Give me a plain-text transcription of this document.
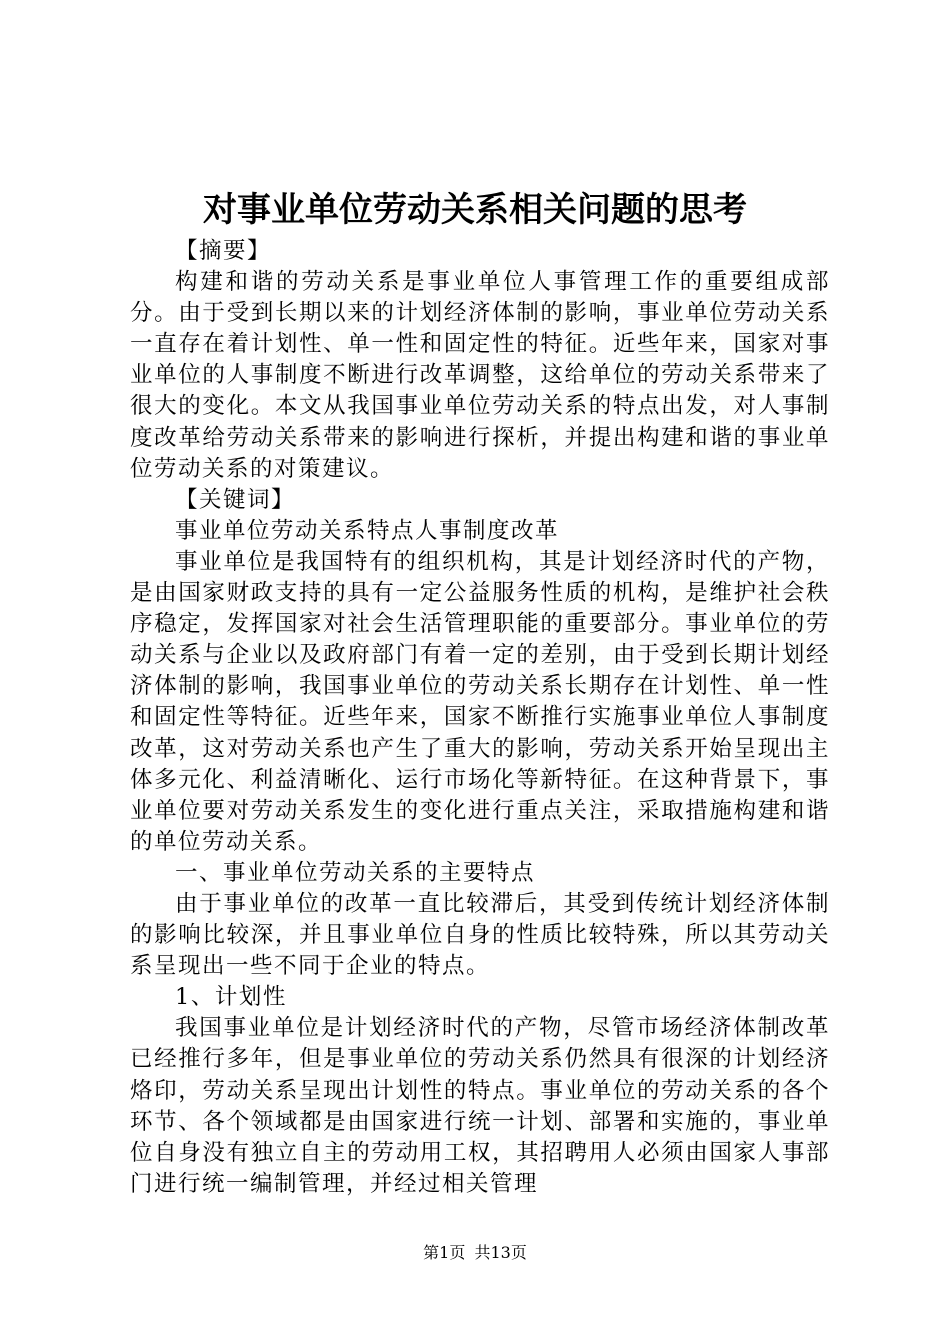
对事业单位劳动关系相关问题的思考

【摘要】

构建和谐的劳动关系是事业单位人事管理工作的重要组成部分。由于受到长期以来的计划经济体制的影响，事业单位劳动关系一直存在着计划性、单一性和固定性的特征。近些年来，国家对事业单位的人事制度不断进行改革调整，这给单位的劳动关系带来了很大的变化。本文从我国事业单位劳动关系的特点出发，对人事制度改革给劳动关系带来的影响进行探析，并提出构建和谐的事业单位劳动关系的对策建议。

【关键词】

事业单位劳动关系特点人事制度改革

事业单位是我国特有的组织机构，其是计划经济时代的产物，是由国家财政支持的具有一定公益服务性质的机构，是维护社会秩序稳定，发挥国家对社会生活管理职能的重要部分。事业单位的劳动关系与企业以及政府部门有着一定的差别，由于受到长期计划经济体制的影响，我国事业单位的劳动关系长期存在计划性、单一性和固定性等特征。近些年来，国家不断推行实施事业单位人事制度改革，这对劳动关系也产生了重大的影响，劳动关系开始呈现出主体多元化、利益清晰化、运行市场化等新特征。在这种背景下，事业单位要对劳动关系发生的变化进行重点关注，采取措施构建和谐的单位劳动关系。

一、事业单位劳动关系的主要特点

由于事业单位的改革一直比较滞后，其受到传统计划经济体制的影响比较深，并且事业单位自身的性质比较特殊，所以其劳动关系呈现出一些不同于企业的特点。

1、计划性

我国事业单位是计划经济时代的产物，尽管市场经济体制改革已经推行多年，但是事业单位的劳动关系仍然具有很深的计划经济烙印，劳动关系呈现出计划性的特点。事业单位的劳动关系的各个环节、各个领域都是由国家进行统一计划、部署和实施的，事业单位自身没有独立自主的劳动用工权，其招聘用人必须由国家人事部门进行统一编制管理，并经过相关管理

第1页 共13页
